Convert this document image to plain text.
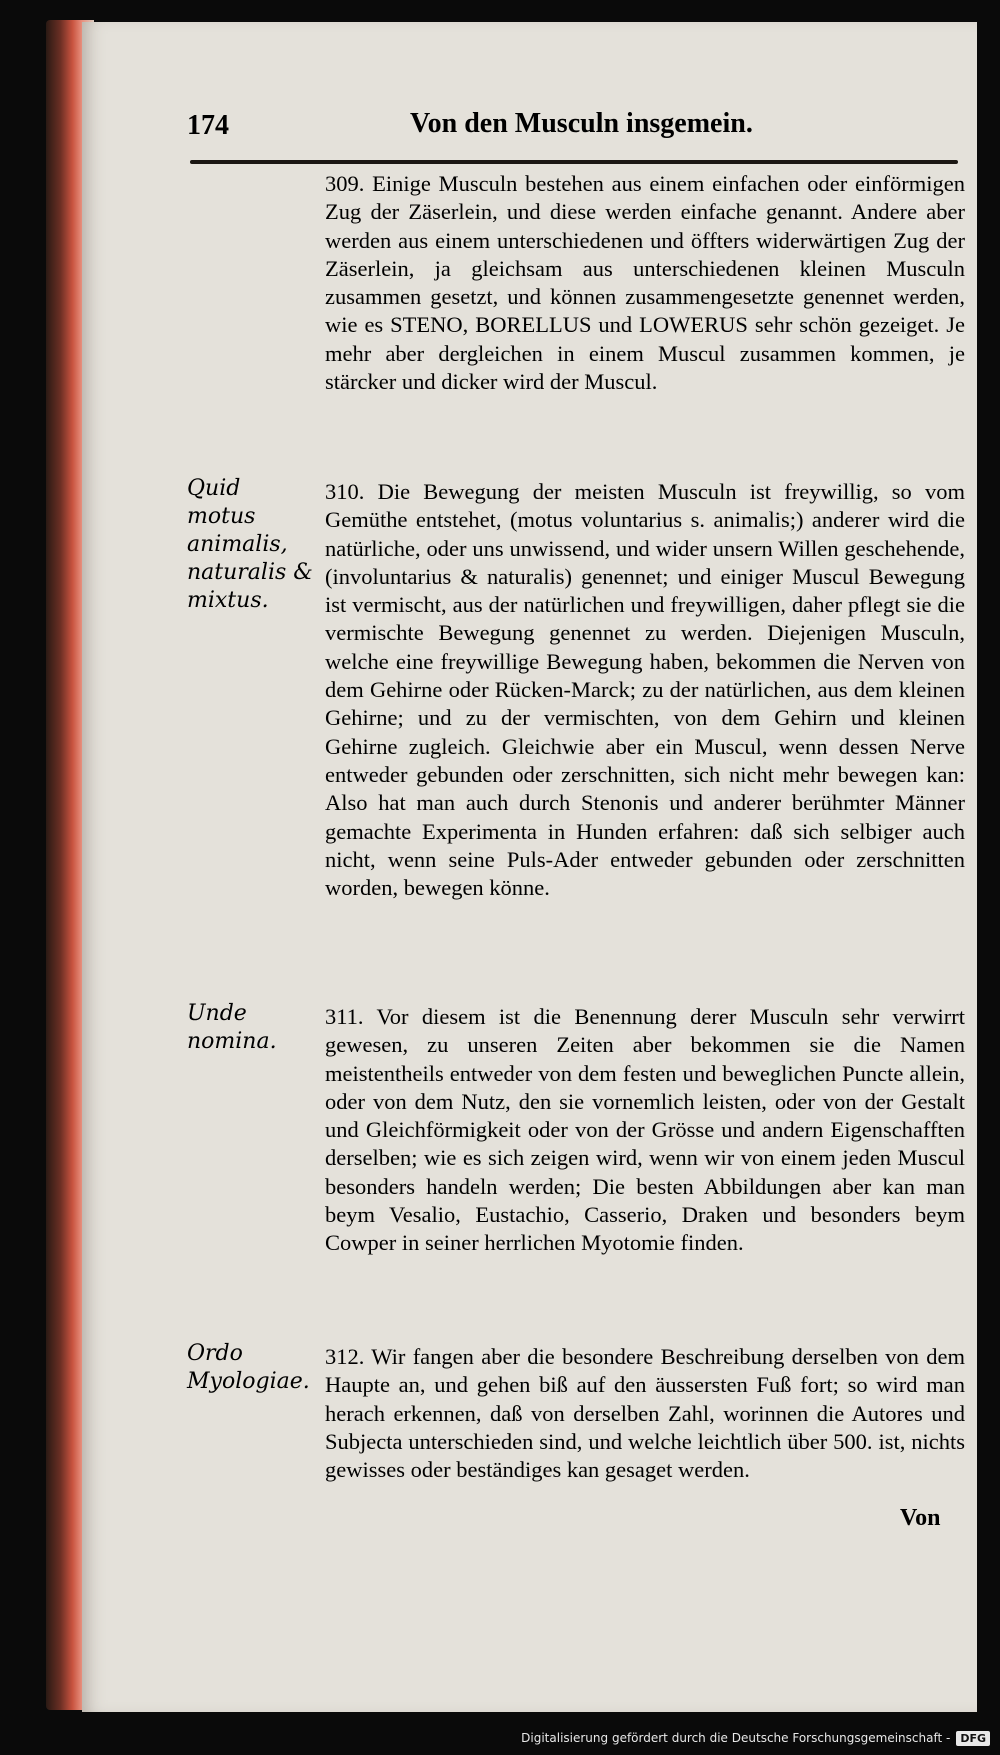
174	Von den Musculn insgemein.

309. Einige Musculn bestehen aus einem einfachen oder einförmigen Zug der Zäserlein, und diese werden einfache genannt. Andere aber werden aus einem unterschiedenen und öffters widerwärtigen Zug der Zäserlein, ja gleichsam aus unterschiedenen kleinen Musculn zusammen gesetzt, und können zusammengesetzte genennet werden, wie es STENO, BORELLUS und LOWERUS sehr schön gezeiget. Je mehr aber dergleichen in einem Muscul zusammen kommen, je stärcker und dicker wird der Muscul.

Quid motus animalis, naturalis & mixtus.

310. Die Bewegung der meisten Musculn ist freywillig, so vom Gemüthe entstehet, (motus voluntarius s. animalis;) anderer wird die natürliche, oder uns unwissend, und wider unsern Willen geschehende, (involuntarius & naturalis) genennet; und einiger Muscul Bewegung ist vermischt, aus der natürlichen und freywilligen, daher pflegt sie die vermischte Bewegung genennet zu werden. Diejenigen Musculn, welche eine freywillige Bewegung haben, bekommen die Nerven von dem Gehirne oder Rücken-Marck; zu der natürlichen, aus dem kleinen Gehirne; und zu der vermischten, von dem Gehirn und kleinen Gehirne zugleich. Gleichwie aber ein Muscul, wenn dessen Nerve entweder gebunden oder zerschnitten, sich nicht mehr bewegen kan: Also hat man auch durch Stenonis und anderer berühmter Männer gemachte Experimenta in Hunden erfahren: daß sich selbiger auch nicht, wenn seine Puls-Ader entweder gebunden oder zerschnitten worden, bewegen könne.

Unde nomina.

311. Vor diesem ist die Benennung derer Musculn sehr verwirrt gewesen, zu unseren Zeiten aber bekommen sie die Namen meistentheils entweder von dem festen und beweglichen Puncte allein, oder von dem Nutz, den sie vornemlich leisten, oder von der Gestalt und Gleichförmigkeit oder von der Grösse und andern Eigenschafften derselben; wie es sich zeigen wird, wenn wir von einem jeden Muscul besonders handeln werden; Die besten Abbildungen aber kan man beym Vesalio, Eustachio, Casserio, Draken und besonders beym Cowper in seiner herrlichen Myotomie finden.

Ordo Myologiae.

312. Wir fangen aber die besondere Beschreibung derselben von dem Haupte an, und gehen biß auf den äussersten Fuß fort; so wird man herach erkennen, daß von derselben Zahl, worinnen die Autores und Subjecta unterschieden sind, und welche leichtlich über 500. ist, nichts gewisses oder beständiges kan gesaget werden.

Von

Digitalisierung gefördert durch die Deutsche Forschungsgemeinschaft - DFG
